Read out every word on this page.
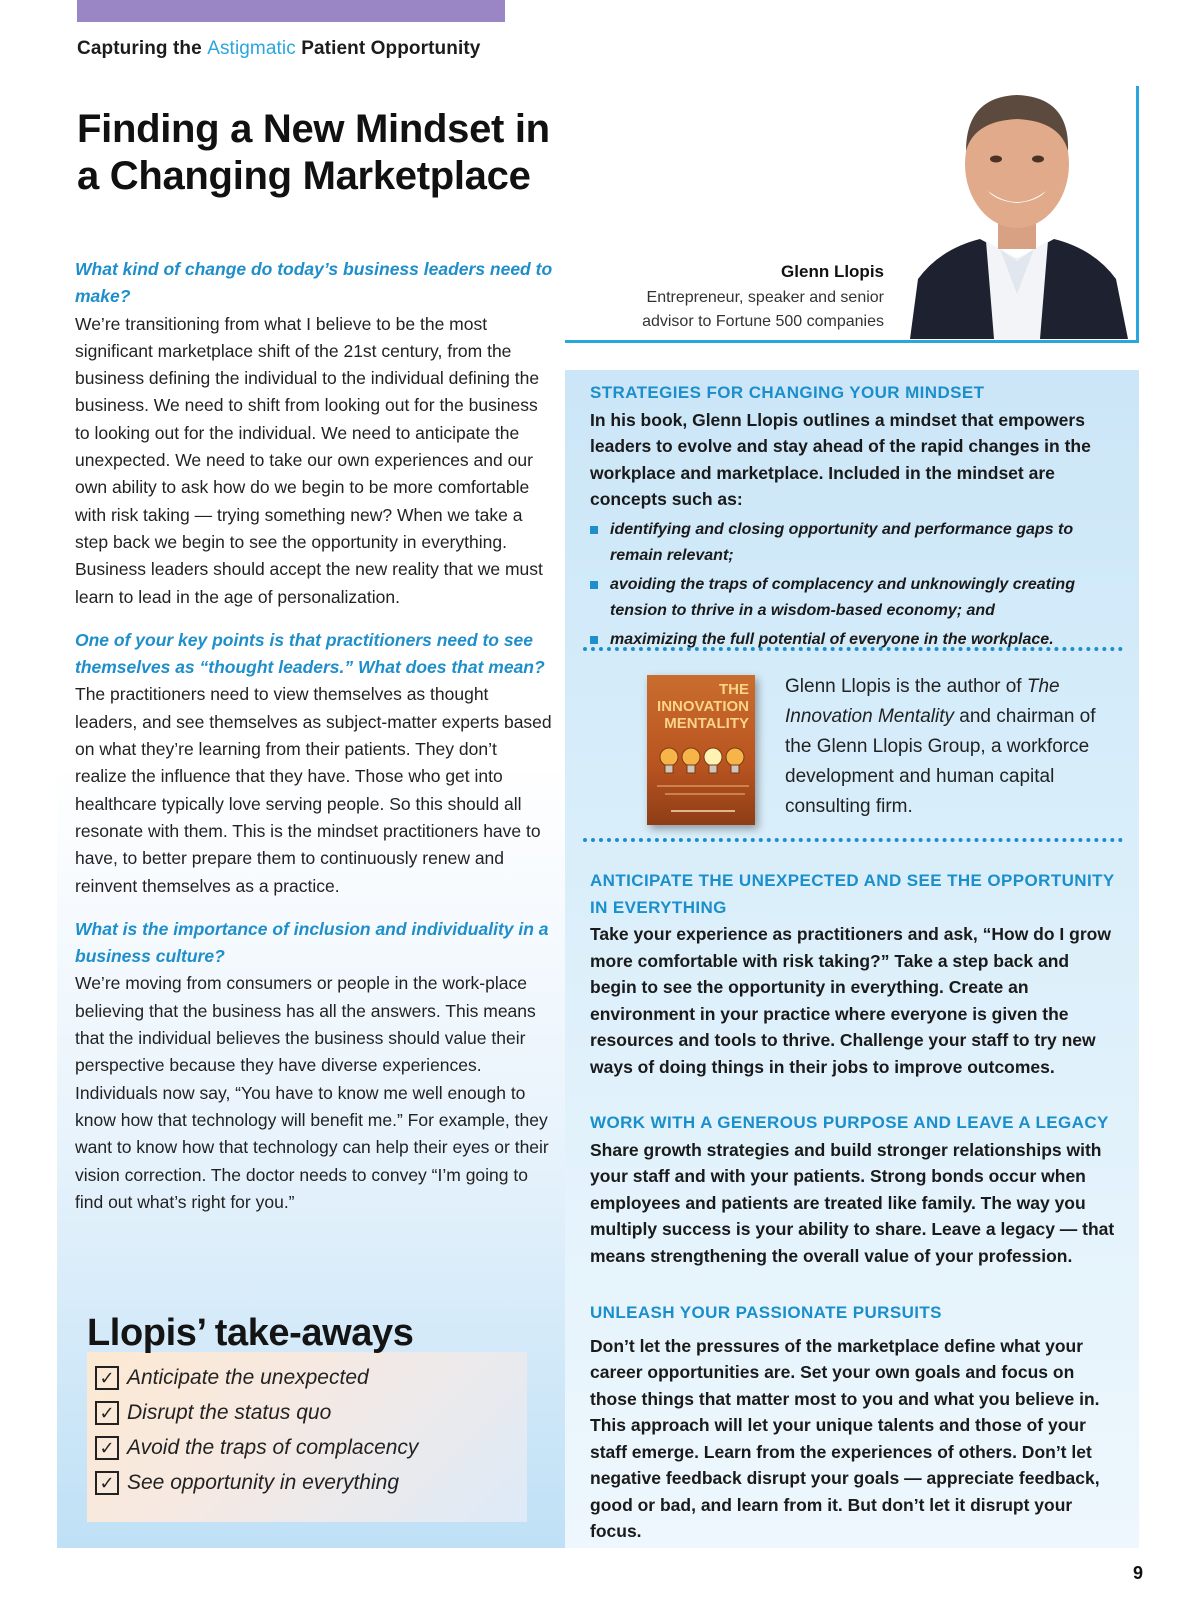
Capturing the Astigmatic Patient Opportunity
Finding a New Mindset in
a Changing Marketplace

What kind of change do today’s business leaders need to make?

We’re transitioning from what I believe to be the most significant marketplace shift of the 21st century, from the business defining the individual to the individual defining the business. We need to shift from looking out for the business to looking out for the individual. We need to anticipate the unexpected. We need to take our own experiences and our own ability to ask how do we begin to be more comfortable with risk taking — trying something new? When we take a step back we begin to see the opportunity in everything. Business leaders should accept the new reality that we must learn to lead in the age of personalization.

One of your key points is that practitioners need to see themselves as “thought leaders.” What does that mean?

The practitioners need to view themselves as thought leaders, and see themselves as subject-matter experts based on what they’re learning from their patients. They don’t realize the influence that they have. Those who get into healthcare typically love serving people. So this should all resonate with them. This is the mindset practitioners have to have, to better prepare them to continuously renew and reinvent themselves as a practice.

What is the importance of inclusion and individuality in a business culture?

We’re moving from consumers or people in the work-place believing that the business has all the answers. This means that the individual believes the business should value their perspective because they have diverse experiences. Individuals now say, “You have to know me well enough to know how that technology will benefit me.” For example, they want to know how that technology can help their eyes or their vision correction. The doctor needs to convey “I’m going to find out what’s right for you.”

Llopis’ take-aways
✓ Anticipate the unexpected
✓ Disrupt the status quo
✓ Avoid the traps of complacency
✓ See opportunity in everything
Glenn Llopis
Entrepreneur, speaker and senior advisor to Fortune 500 companies

STRATEGIES FOR CHANGING YOUR MINDSET

In his book, Glenn Llopis outlines a mindset that empowers leaders to evolve and stay ahead of the rapid changes in the workplace and marketplace. Included in the mindset are concepts such as:

identifying and closing opportunity and performance gaps to remain relevant;
avoiding the traps of complacency and unknowingly creating tension to thrive in a wisdom-based economy; and
maximizing the full potential of everyone in the workplace.
THE INNOVATION MENTALITY

Glenn Llopis is the author of The Innovation Mentality and chairman of the Glenn Llopis Group, a workforce development and human capital consulting firm.

ANTICIPATE THE UNEXPECTED AND SEE THE OPPORTUNITY IN EVERYTHING

Take your experience as practitioners and ask, “How do I grow more comfortable with risk taking?” Take a step back and begin to see the opportunity in everything. Create an environment in your practice where everyone is given the resources and tools to thrive. Challenge your staff to try new ways of doing things in their jobs to improve outcomes.

WORK WITH A GENEROUS PURPOSE AND LEAVE A LEGACY

Share growth strategies and build stronger relationships with your staff and with your patients. Strong bonds occur when employees and patients are treated like family. The way you multiply success is your ability to share. Leave a legacy — that means strengthening the overall value of your profession.

UNLEASH YOUR PASSIONATE PURSUITS

Don’t let the pressures of the marketplace define what your career opportunities are. Set your own goals and focus on those things that matter most to you and what you believe in. This approach will let your unique talents and those of your staff emerge. Learn from the experiences of others. Don’t let negative feedback disrupt your goals — appreciate feedback, good or bad, and learn from it. But don’t let it disrupt your focus.

9
